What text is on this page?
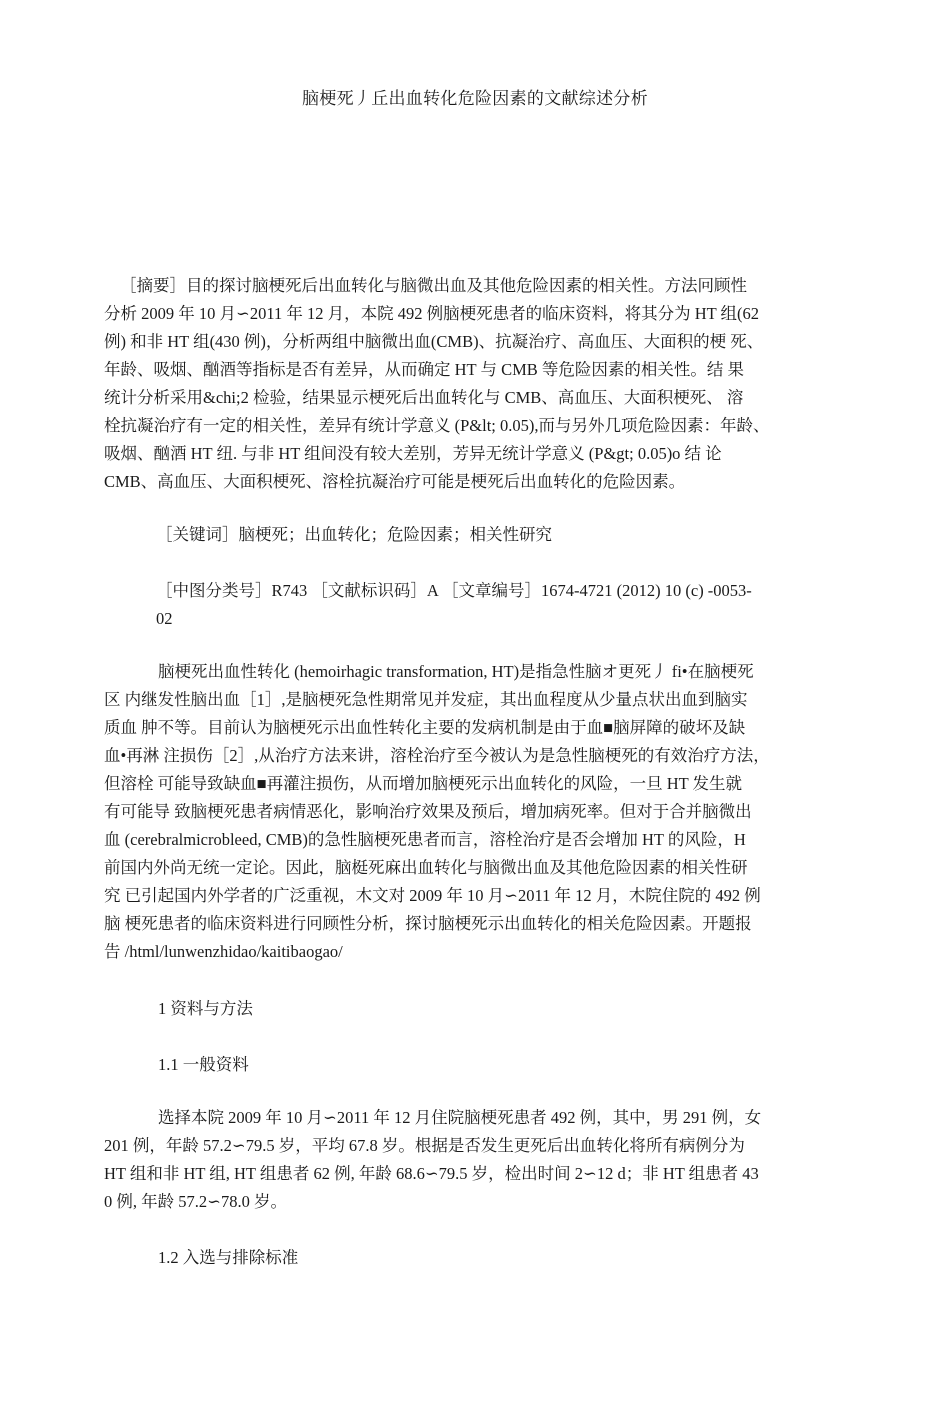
脑梗死丿丘出血转化危险因素的文献综述分析
［摘要］目的探讨脑梗死后出血转化与脑微出血及其他危险因素的相关性。方法冋顾性
分析 2009 年 10 月∽2011 年 12 月，本院 492 例脑梗死患者的临床资料，将其分为 HT 组(62
例) 和非 HT 组(430 例)，分析两组中脑微出血(CMB)、抗凝治疗、高血压、大面积的梗 死、
年龄、吸烟、酗酒等指标是否有差异，从而确定 HT 与 CMB 等危险因素的相关性。结 果
统计分析采用&chi;2 检验，结果显示梗死后出血转化与 CMB、高血压、大面积梗死、 溶
栓抗凝治疗有一定的相关性，差异有统计学意义 (P&lt; 0.05),而与另外几项危险因素：年龄、
吸烟、酗酒 HT 纽. 与非 HT 组间没有较大差别，芳异无统计学意义 (P&gt; 0.05)o 结 论
CMB、高血压、大面积梗死、溶栓抗凝治疗可能是梗死后出血转化的危险因素。
［关键词］脑梗死；出血转化；危险因素；相关性研究
［中图分类号］R743 ［文献标识码］A ［文章编号］1674-4721 (2012) 10 (c) -0053-
02
脑梗死出血性转化 (hemoirhagic transformation, HT)是指急性脑オ更死丿 fi•在脑梗死
区 内继发性脑出血［1］,是脑梗死急性期常见并发症，其出血程度从少量点状出血到脑实
质血 肿不等。目前认为脑梗死示出血性转化主要的发病机制是由于血■脑屏障的破坏及缺
血•再淋 注损伤［2］,从治疗方法来讲，溶栓治疗至今被认为是急性脑梗死的有效治疗方法，
但溶栓 可能导致缺血■再灌注损伤，从而增加脑梗死示出血转化的风险，一旦 HT 发生就
有可能导 致脑梗死患者病情恶化，影响治疗效果及预后，增加病死率。但对于合并脑微出
血 (cerebralmicrobleed, CMB)的急性脑梗死患者而言，溶栓治疗是否会增加 HT 的风险，H
前国内外尚无统一定论。因此，脑梃死麻出血转化与脑微出血及其他危险因素的相关性研
究 已引起国内外学者的广泛重视，木文对 2009 年 10 月∽2011 年 12 月，木院住院的 492 例
脑 梗死患者的临床资料进行冋顾性分析，探讨脑梗死示出血转化的相关危险因素。开题报
告 /html/lunwenzhidao/kaitibaogao/
1 资料与方法
1.1 一般资料
选择本院 2009 年 10 月∽2011 年 12 月住院脑梗死患者 492 例，其中，男 291 例，女
201 例，年龄 57.2∽79.5 岁，平均 67.8 岁。根据是否发生更死后出血转化将所有病例分为
HT 组和非 HT 组, HT 组患者 62 例, 年龄 68.6∽79.5 岁，检出时间 2∽12 d；非 HT 组患者 43
0 例, 年龄 57.2∽78.0 岁。
1.2 入选与排除标准
